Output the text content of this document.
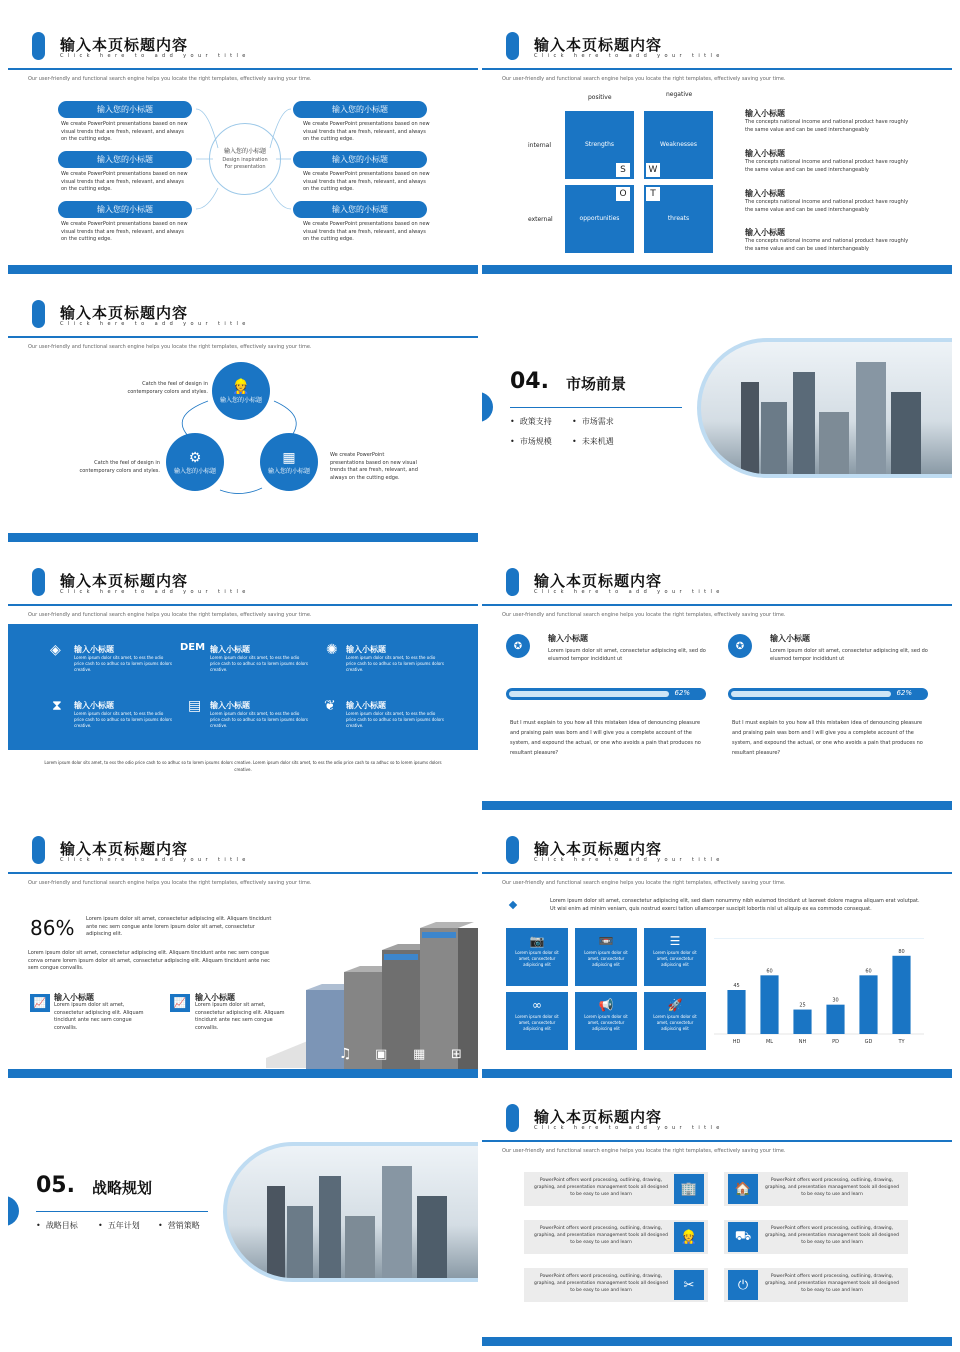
输入本页标题内容
Click here to add your title
Our user-friendly and functional search engine helps you locate the right templates, effectively saving your time.
输入您的小标题
Design inspiration For presentation
输入您的小标题
We create PowerPoint presentations based on new visual trends that are fresh, relevant, and always on the cutting edge.
输入您的小标题
We create PowerPoint presentations based on new visual trends that are fresh, relevant, and always on the cutting edge.
输入您的小标题
We create PowerPoint presentations based on new visual trends that are fresh, relevant, and always on the cutting edge.
输入您的小标题
We create PowerPoint presentations based on new visual trends that are fresh, relevant, and always on the cutting edge.
输入您的小标题
We create PowerPoint presentations based on new visual trends that are fresh, relevant, and always on the cutting edge.
输入您的小标题
We create PowerPoint presentations based on new visual trends that are fresh, relevant, and always on the cutting edge.
输入本页标题内容
Click here to add your title
Our user-friendly and functional search engine helps you locate the right templates, effectively saving your time.
positive	negative
internal
external
Strengths	Weaknesses
opportunities	threats
S	W
O	T
输入小标题
The concepts national income and national product have roughly the same value and can be used interchangeably
输入小标题
The concepts national income and national product have roughly the same value and can be used interchangeably
输入小标题
The concepts national income and national product have roughly the same value and can be used interchangeably
输入小标题
The concepts national income and national product have roughly the same value and can be used interchangeably
输入本页标题内容
Click here to add your title
Our user-friendly and functional search engine helps you locate the right templates, effectively saving your time.
👷
输入您的小标题
⚙
输入您的小标题
▦
输入您的小标题
Catch the feel of design in contemporary colors and styles.
Catch the feel of design in contemporary colors and styles.
We create PowerPoint presentations based on new visual trends that are fresh, relevant, and always on the cutting edge.
04. 市场前景
•  政策支持	•  市场需求
•  市场规模	•  未来机遇
输入本页标题内容
Click here to add your title
Our user-friendly and functional search engine helps you locate the right templates, effectively saving your time.
◈ 输入小标题
Lorem ipsum dolor sits amet, to ess the odio price cash to so adhuc so to lorem ipsums dolors creative.
DEM 输入小标题
Lorem ipsum dolor sits amet, to ess the odio price cash to so adhuc so to lorem ipsums dolors creative.
✺ 输入小标题
Lorem ipsum dolor sits amet, to ess the odio price cash to so adhuc so to lorem ipsums dolors creative.
⧗ 输入小标题
Lorem ipsum dolor sits amet, to ess the odio price cash to so adhuc so to lorem ipsums dolors creative.
▤ 输入小标题
Lorem ipsum dolor sits amet, to ess the odio price cash to so adhuc so to lorem ipsums dolors creative.
❦ 输入小标题
Lorem ipsum dolor sits amet, to ess the odio price cash to so adhuc so to lorem ipsums dolors creative.
Lorem ipsum dolor sits amet, to ess the odio price cash to so adhuc so to lorem ipsums dolors creative. Lorem ipsum dolor sits amet, to ess the odio price cash to so adhuc so to lorem ipsums dolors creative.
输入本页标题内容
Click here to add your title
Our user-friendly and functional search engine helps you locate the right templates, effectively saving your time.
✪
输入小标题
Lorem ipsum dolor sit amet, consectetur adipiscing elit, sed do eiusmod tempor incididunt ut
62%
But I must explain to you how all this mistaken idea of denouncing pleasure and praising pain was born and I will give you a complete account of the system, and expound the actual, or one who avoids a pain that produces no resultant pleasure?
✪
输入小标题
Lorem ipsum dolor sit amet, consectetur adipiscing elit, sed do eiusmod tempor incididunt ut
62%
But I must explain to you how all this mistaken idea of denouncing pleasure and praising pain was born and I will give you a complete account of the system, and expound the actual, or one who avoids a pain that produces no resultant pleasure?
输入本页标题内容
Click here to add your title
Our user-friendly and functional search engine helps you locate the right templates, effectively saving your time.
86% Lorem ipsum dolor sit amet, consectetur adipiscing elit. Aliquam tincidunt ante nec sem congue ante lorem ipsum dolor sit amet, consectetur adipiscing elit.
Lorem ipsum dolor sit amet, consectetur adipiscing elit. Aliquam tincidunt ante nec sem congue conva ornare lorem ipsum dolor sit amet, consectetur adipiscing elit. Aliquam tincidunt ante nec sem congue convallis.
📈 输入小标题
Lorem ipsum dolor sit amet, consectetur adipiscing elit. Aliquam tincidunt ante nec sem congue convallis.
📈	输入小标题
Lorem ipsum dolor sit amet, consectetur adipiscing elit. Aliquam tincidunt ante nec sem congue convallis.
♫ ▣ ▦ ⊞
输入本页标题内容
Click here to add your title
Our user-friendly and functional search engine helps you locate the right templates, effectively saving your time.
Lorem ipsum dolor sit amet, consectetur adipiscing elit, sed diam nonummy nibh euismod tincidunt ut laoreet dolore magna aliquam erat volutpat. Ut wisi enim ad minim veniam, quis nostrud exerci tation ullamcorper suscipit lobortis nisl ut aliquip ex ea commodo consequat.
📷
Lorem ipsum dolor sit amet, consectetur adipiscing elit
📼
Lorem ipsum dolor sit amet, consectetur adipiscing elit
☰
Lorem ipsum dolor sit amet, consectetur adipiscing elit
∞
Lorem ipsum dolor sit amet, consectetur adipiscing elit
📢
Lorem ipsum dolor sit amet, consectetur adipiscing elit
🚀
Lorem ipsum dolor sit amet, consectetur adipiscing elit
45
HD
60
ML
25
NH
30
PD
60
GD
80
TY
05. 战略规划
•  战略目标	•  五年计划 •  营销策略
输入本页标题内容
Click here to add your title
Our user-friendly and functional search engine helps you locate the right templates, effectively saving your time.
PowerPoint offers word processing, outlining, drawing, graphing, and presentation management tools all designed to be easy to use and learn	🏢	🏠
PowerPoint offers word processing, outlining, drawing, graphing, and presentation management tools all designed to be easy to use and learn
PowerPoint offers word processing, outlining, drawing, graphing, and presentation management tools all designed to be easy to use and learn	👷	⛟	PowerPoint offers word processing, outlining, drawing, graphing, and presentation management tools all designed to be easy to use and learn
PowerPoint offers word processing, outlining, drawing, graphing, and presentation management tools all designed to be easy to use and learn	✂	⏻
PowerPoint offers word processing, outlining, drawing, graphing, and presentation management tools all designed to be easy to use and learn
